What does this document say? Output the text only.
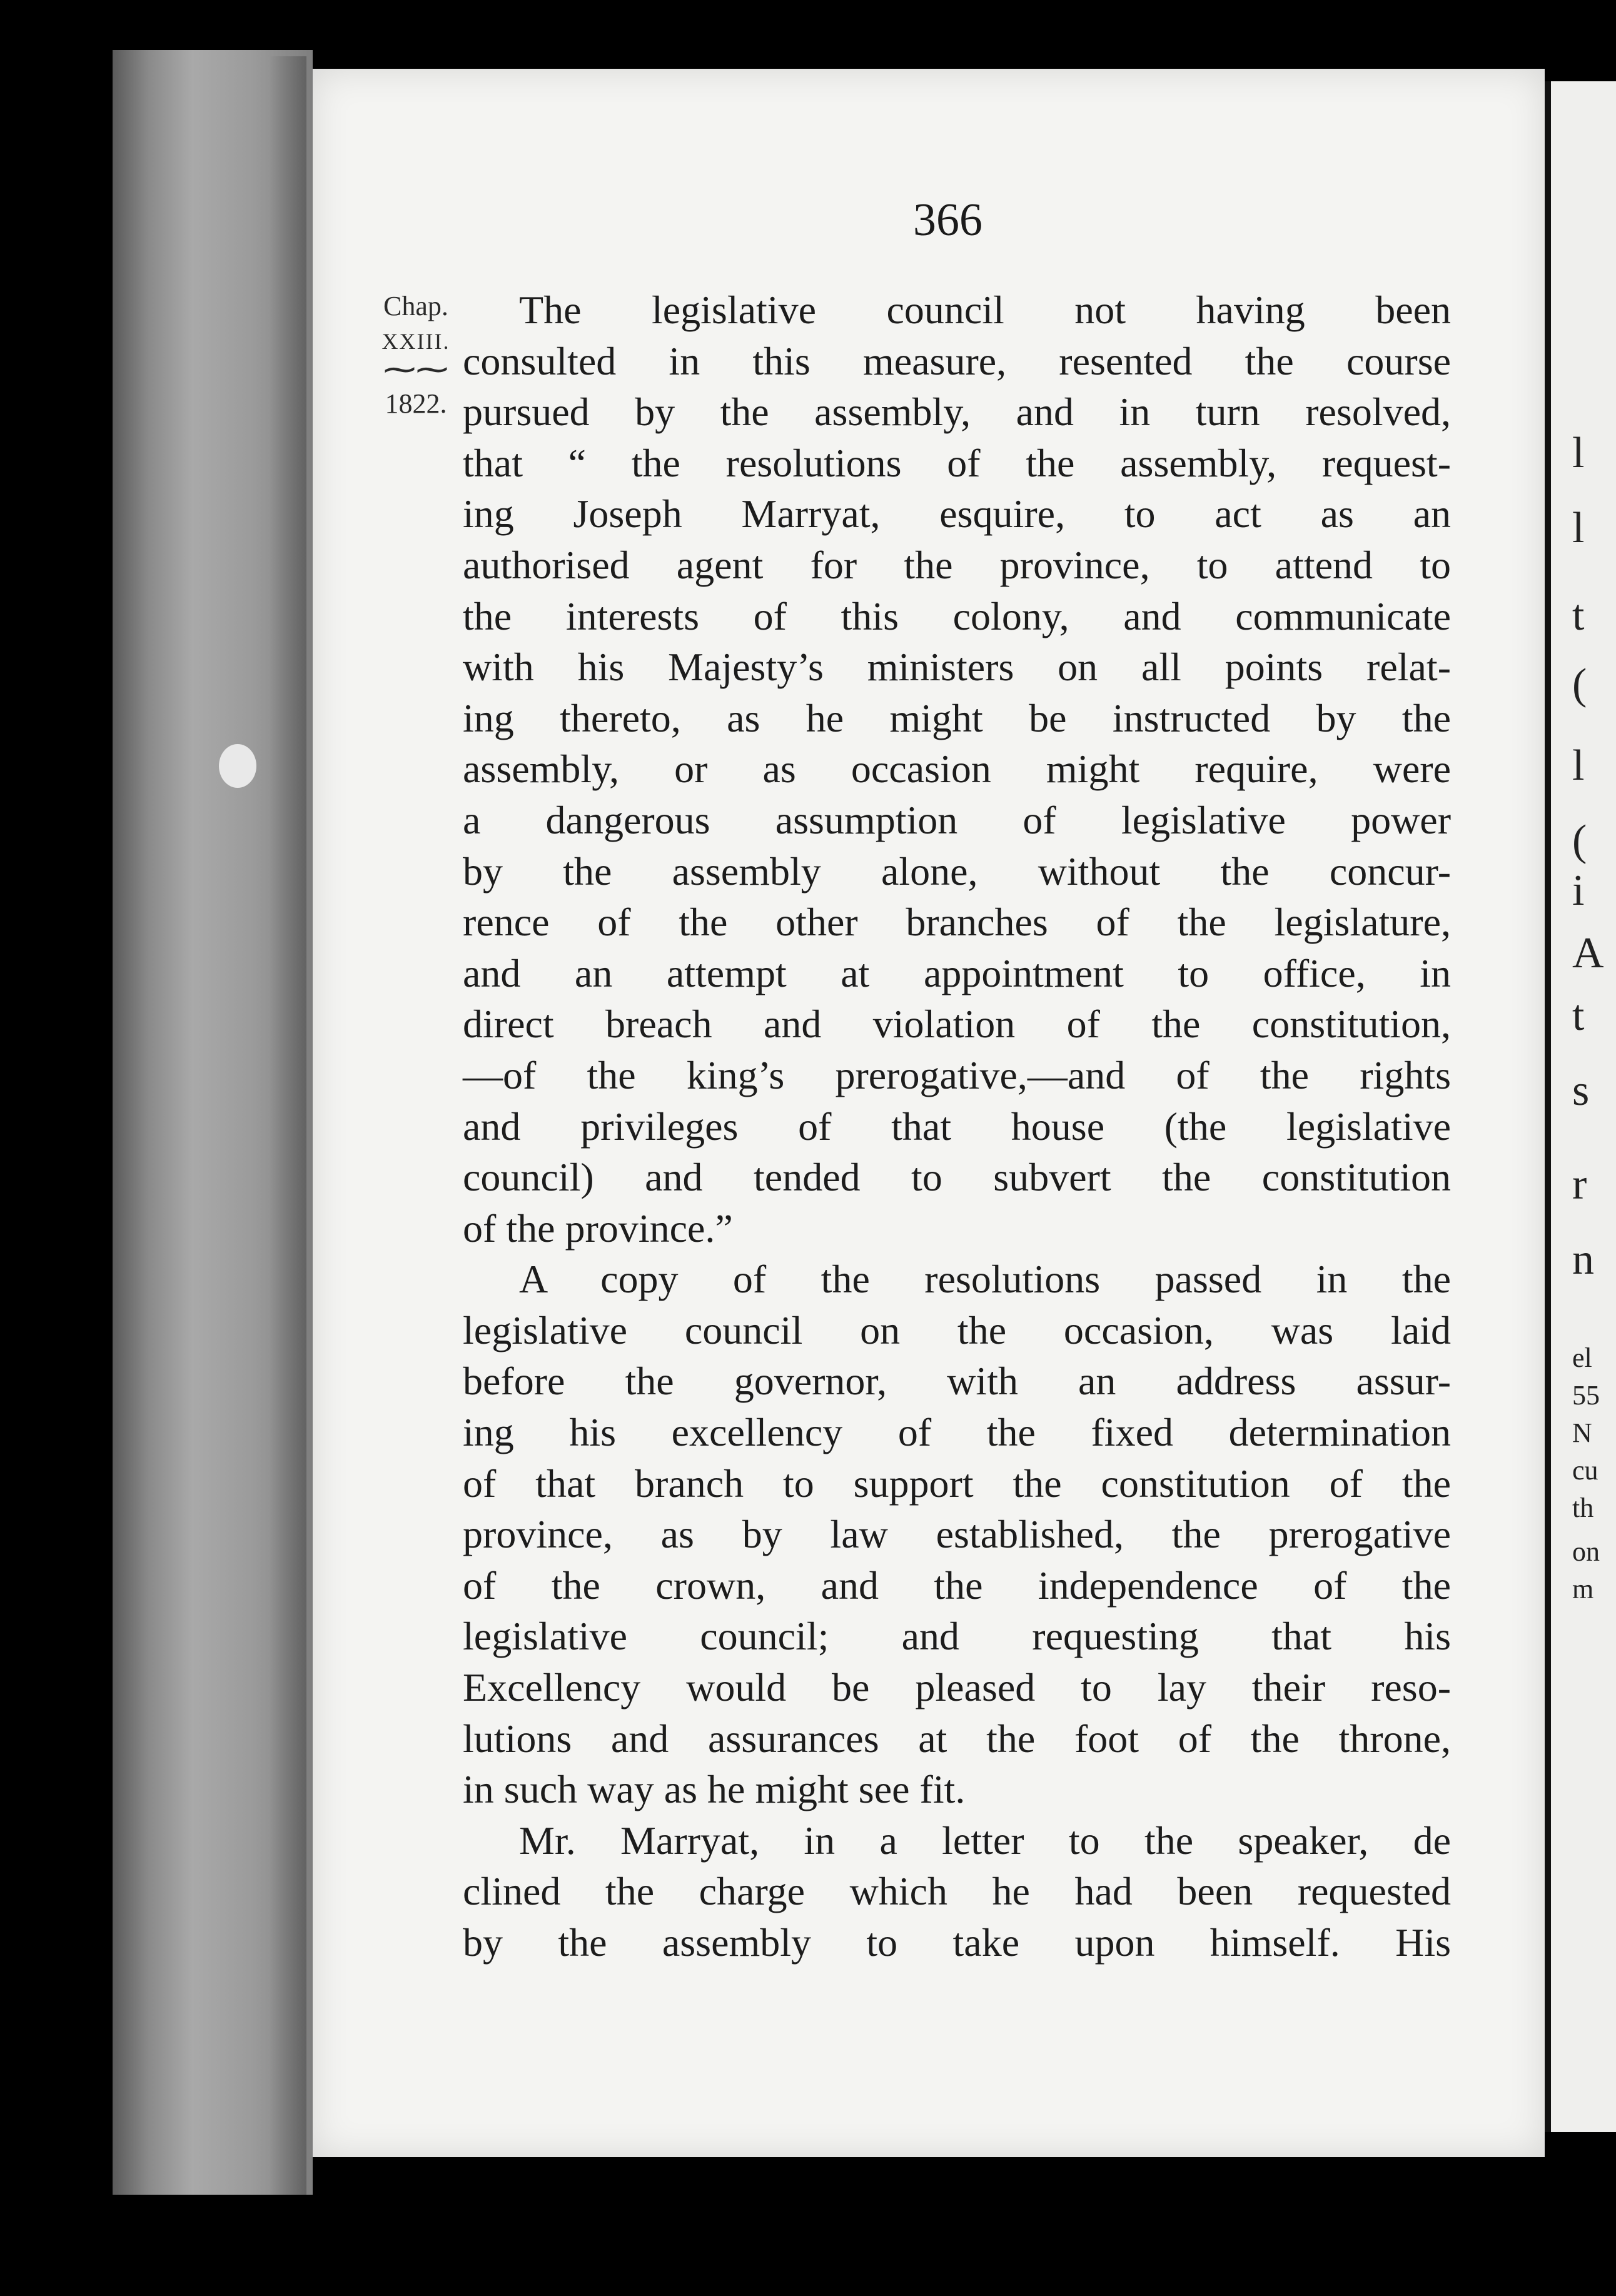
l
l
t
(
l
(
i
A
t
s
r
n
el
55
N
cu
th
on
m
366
Chap.
XXIII.
⁓⁓
1822.
The legislative council not having been
consulted in this measure, resented the course
pursued by the assembly, and in turn resolved,
that “ the resolutions of the assembly, request-
ing Joseph Marryat, esquire, to act as an
authorised agent for the province, to attend to
the interests of this colony, and communicate
with his Majesty’s ministers on all points relat-
ing thereto, as he might be instructed by the
assembly, or as occasion might require, were
a dangerous assumption of legislative power
by the assembly alone, without the concur-
rence of the other branches of the legislature,
and an attempt at appointment to office, in
direct breach and violation of the constitution,
—of the king’s prerogative,—and of the rights
and privileges of that house (the legislative
council) and tended to subvert the constitution
of the province.”
A copy of the resolutions passed in the
legislative council on the occasion, was laid
before the governor, with an address assur-
ing his excellency of the fixed determination
of that branch to support the constitution of the
province, as by law established, the prerogative
of the crown, and the independence of the
legislative council; and requesting that his
Excellency would be pleased to lay their reso-
lutions and assurances at the foot of the throne,
in such way as he might see fit.
Mr. Marryat, in a letter to the speaker, de
clined the charge which he had been requested
by the assembly to take upon himself. His
